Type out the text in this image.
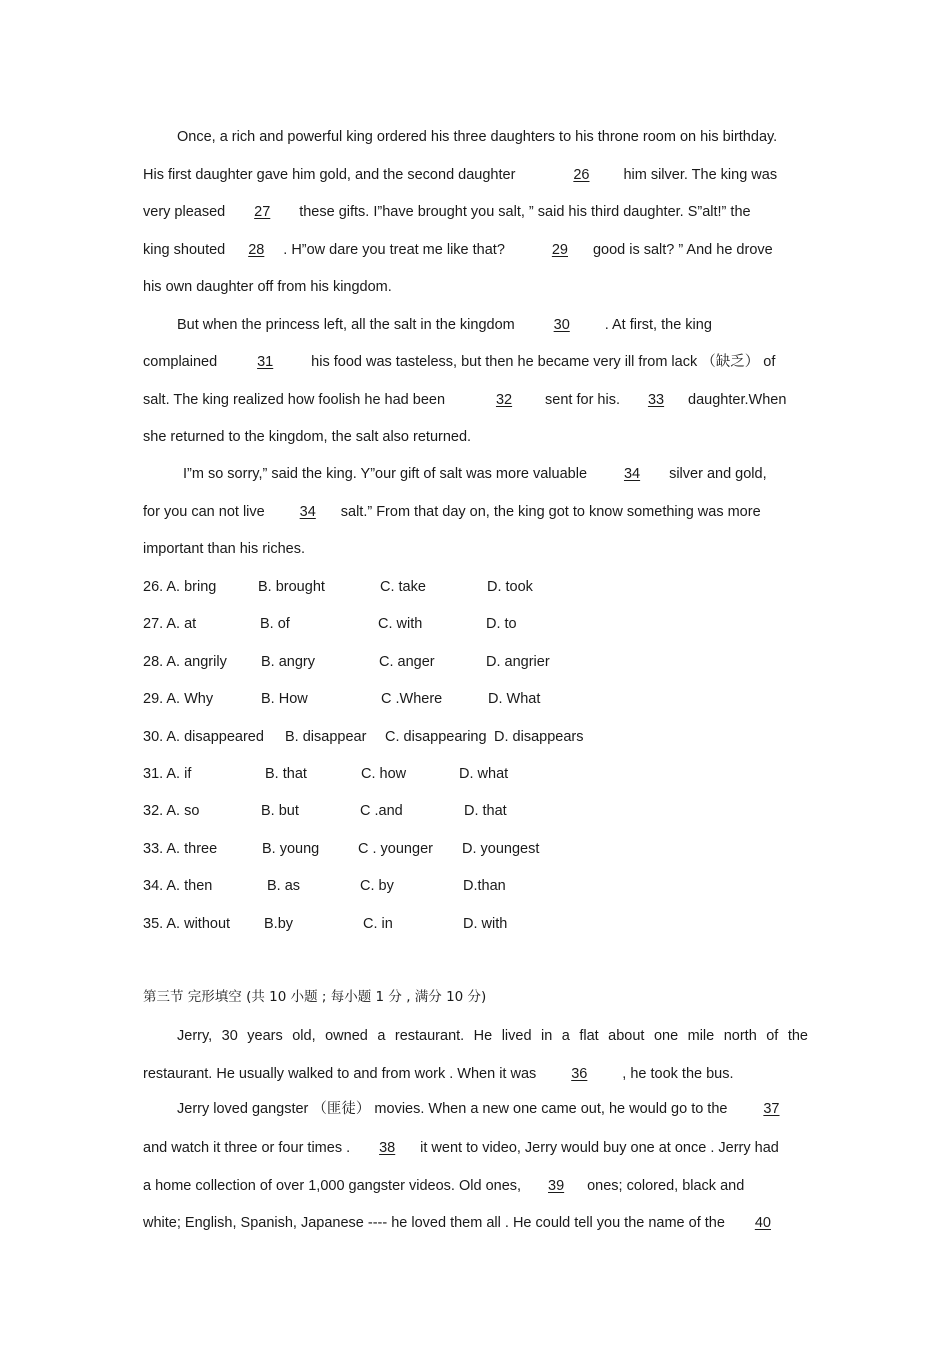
Once, a rich and powerful king ordered his three daughters to his throne room on his birthday.
His first daughter gave him gold, and the second daughter	26 him silver. The king was
very pleased 27 these gifts. I”have brought you salt, ” said his third daughter. S”alt!” the
king shouted 28 . H”ow dare you treat me like that?	29 good is salt? ” And he drove
his own daughter off from his kingdom.
But when the princess left, all the salt in the kingdom	30 . At first, the king
complained	31	his food was tasteless, but then he became very ill from lack （缺乏） of
salt. The king realized how foolish he had been	32 sent for his. 33 daughter.When
she returned to the kingdom, the salt also returned.
I”m so sorry,” said the king. Y”our gift of salt was more valuable	34 silver and gold,
for you can not live 34 salt.” From that day on, the king got to know something was more
important than his riches.
26. A. bring	B. brought	C. take	D. took
27. A. at	B. of	C. with	D. to
28. A. angrily B. angry	C. anger	D. angrier
29. A. Why	B. How	C .Where	D. What
30. A. disappeared B. disappear C. disappearing D. disappears
31. A. if	B. that	C. how	D. what
32. A. so	B. but	C .and	D. that
33. A. three	B. young	C . younger D. youngest
34. A. then	B. as	C. by	D.than
35. A. without B.by	C. in	D. with
第三节 完形填空 (共 10 小题 ; 每小题 1 分 , 满分 10 分)
Jerry, 30 years old, owned a restaurant. He lived in a flat about one mile north of the
restaurant. He usually walked to and from work . When it was 36 , he took the bus.
Jerry loved gangster （匪徒） movies. When a new one came out, he would go to the 37
and watch it three or four times . 38 it went to video, Jerry would buy one at once . Jerry had
a home collection of over 1,000 gangster videos. Old ones, 39 ones; colored, black and
white; English, Spanish, Japanese ---- he loved them all . He could tell you the name of the 40
